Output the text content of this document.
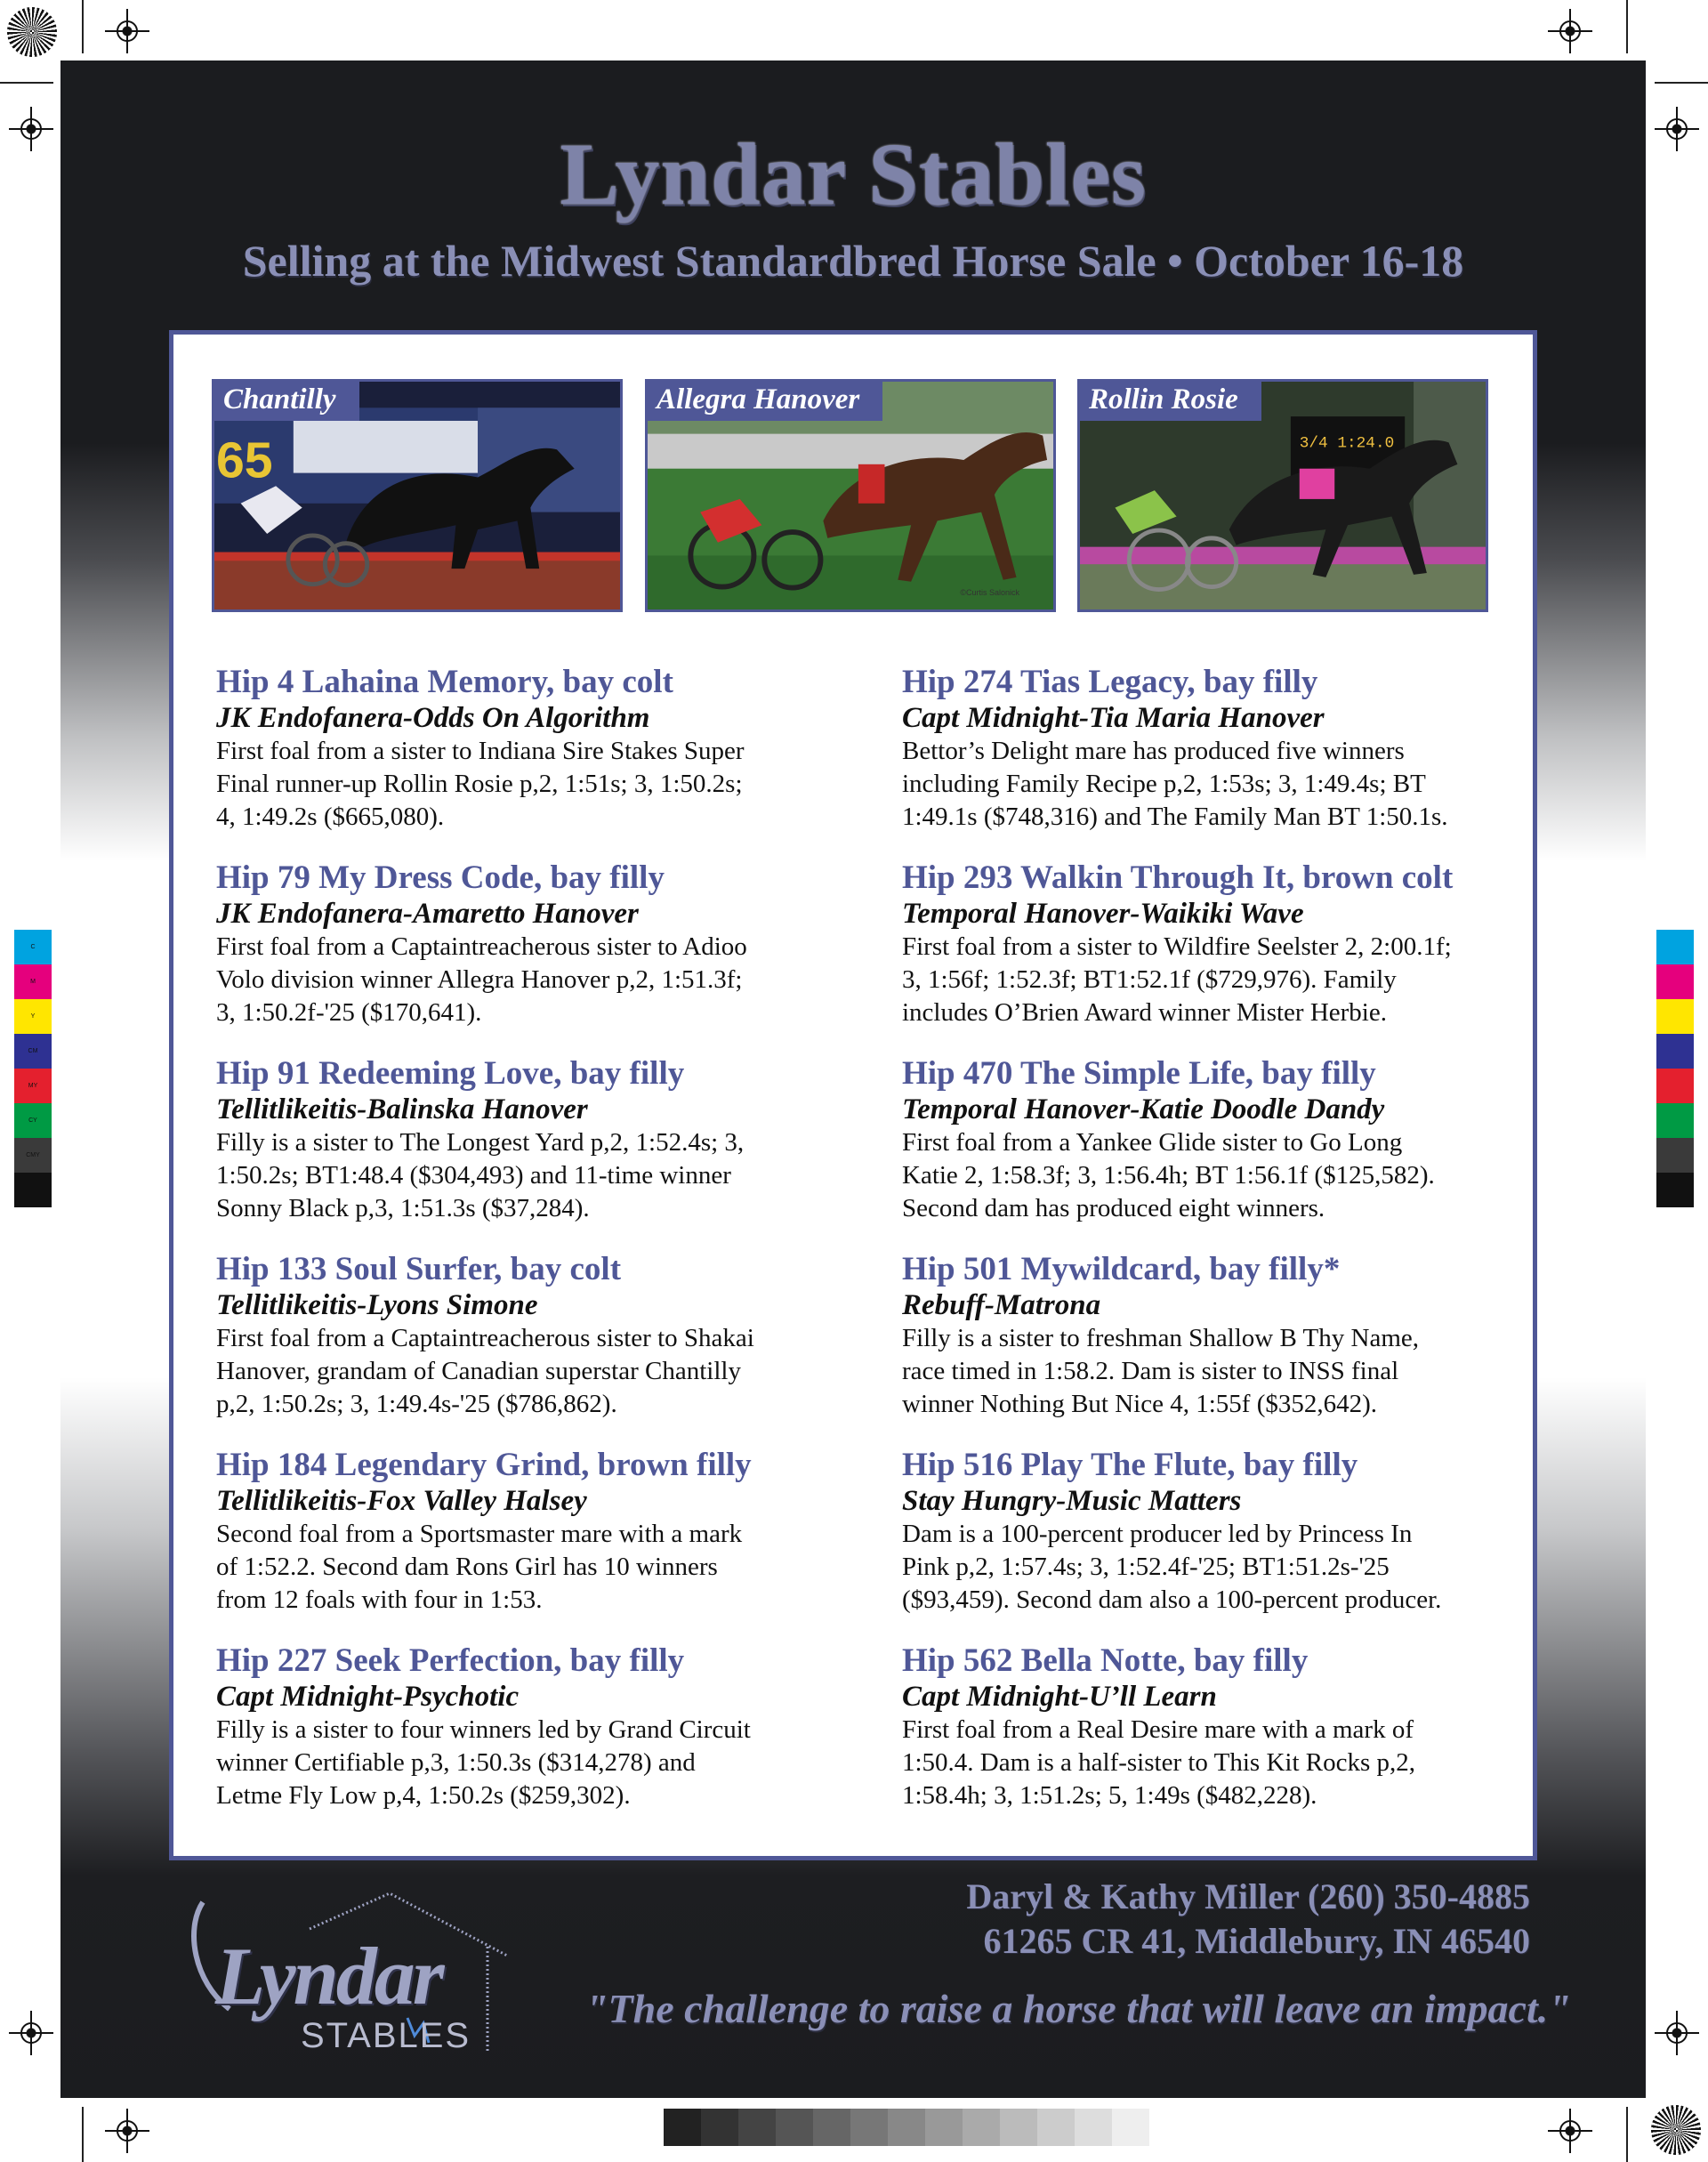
C
M
Y
CM
MY
CY
CMY
Lyndar Stables
Selling at the Midwest Standardbred Horse Sale • October 16-18
Chantilly
65
Allegra Hanover
©Curtis Salonick
Rollin Rosie
3/4 1:24.0
Hip 4 Lahaina Memory, bay colt
JK Endofanera-Odds On Algorithm
First foal from a sister to Indiana Sire Stakes Super
Final runner-up Rollin Rosie p,2, 1:51s; 3, 1:50.2s;
4, 1:49.2s ($665,080).
Hip 79 My Dress Code, bay filly
JK Endofanera-Amaretto Hanover
First foal from a Captaintreacherous sister to Adioo
Volo division winner Allegra Hanover p,2, 1:51.3f;
3, 1:50.2f-'25 ($170,641).
Hip 91 Redeeming Love, bay filly
Tellitlikeitis-Balinska Hanover
Filly is a sister to The Longest Yard p,2, 1:52.4s; 3,
1:50.2s; BT1:48.4 ($304,493) and 11-time winner
Sonny Black p,3, 1:51.3s ($37,284).
Hip 133 Soul Surfer, bay colt
Tellitlikeitis-Lyons Simone
First foal from a Captaintreacherous sister to Shakai
Hanover, grandam of Canadian superstar Chantilly
p,2, 1:50.2s; 3, 1:49.4s-'25 ($786,862).
Hip 184 Legendary Grind, brown filly
Tellitlikeitis-Fox Valley Halsey
Second foal from a Sportsmaster mare with a mark
of 1:52.2. Second dam Rons Girl has 10 winners
from 12 foals with four in 1:53.
Hip 227 Seek Perfection, bay filly
Capt Midnight-Psychotic
Filly is a sister to four winners led by Grand Circuit
winner Certifiable p,3, 1:50.3s ($314,278) and
Letme Fly Low p,4, 1:50.2s ($259,302).
Hip 274 Tias Legacy, bay filly
Capt Midnight-Tia Maria Hanover
Bettor’s Delight mare has produced five winners
including Family Recipe p,2, 1:53s; 3, 1:49.4s; BT
1:49.1s ($748,316) and The Family Man BT 1:50.1s.
Hip 293 Walkin Through It, brown colt
Temporal Hanover-Waikiki Wave
First foal from a sister to Wildfire Seelster 2, 2:00.1f;
3, 1:56f; 1:52.3f; BT1:52.1f ($729,976). Family
includes O’Brien Award winner Mister Herbie.
Hip 470 The Simple Life, bay filly
Temporal Hanover-Katie Doodle Dandy
First foal from a Yankee Glide sister to Go Long
Katie 2, 1:58.3f; 3, 1:56.4h; BT 1:56.1f ($125,582).
Second dam has produced eight winners.
Hip 501 Mywildcard, bay filly*
Rebuff-Matrona
Filly is a sister to freshman Shallow B Thy Name,
race timed in 1:58.2. Dam is sister to INSS final
winner Nothing But Nice 4, 1:55f ($352,642).
Hip 516 Play The Flute, bay filly
Stay Hungry-Music Matters
Dam is a 100-percent producer led by Princess In
Pink p,2, 1:57.4s; 3, 1:52.4f-'25; BT1:51.2s-'25
($93,459). Second dam also a 100-percent producer.
Hip 562 Bella Notte, bay filly
Capt Midnight-U’ll Learn
First foal from a Real Desire mare with a mark of
1:50.4. Dam is a half-sister to This Kit Rocks p,2,
1:58.4h; 3, 1:51.2s; 5, 1:49s ($482,228).
Lyndar
STABLES
Daryl & Kathy Miller (260) 350-4885
61265 CR 41, Middlebury, IN 46540
"The challenge to raise a horse that will leave an impact."
